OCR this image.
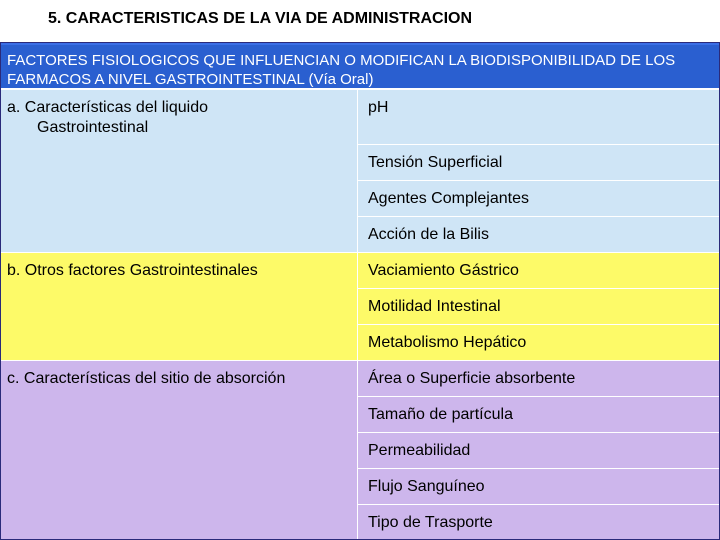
5. CARACTERISTICAS DE LA VIA DE ADMINISTRACION
FACTORES FISIOLOGICOS QUE INFLUENCIAN O MODIFICAN LA BIODISPONIBILIDAD DE LOS FARMACOS A NIVEL GASTROINTESTINAL (Vía Oral)
a. Características del liquido
Gastrointestinal
pH
Tensión Superficial
Agentes Complejantes
Acción de la Bilis
b. Otros factores Gastrointestinales	Vaciamiento Gástrico
Motilidad Intestinal
Metabolismo Hepático
c. Características del sitio de absorción	Área o Superficie absorbente
Tamaño de partícula
Permeabilidad
Flujo Sanguíneo
Tipo de Trasporte
